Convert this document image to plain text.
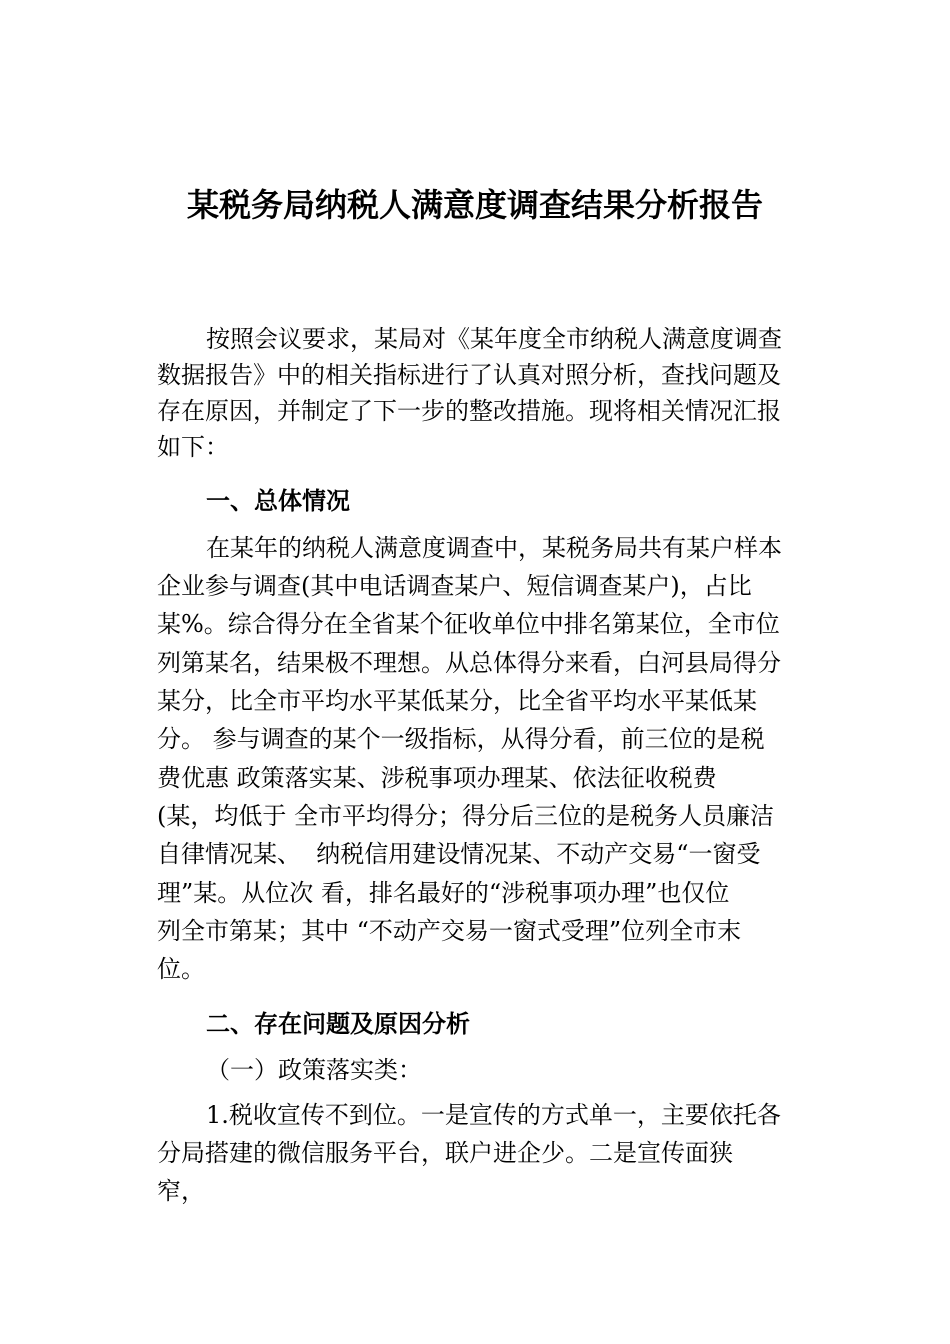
某税务局纳税人满意度调查结果分析报告
按照会议要求，某局对《某年度全市纳税人满意度调查
数据报告》中的相关指标进行了认真对照分析，查找问题及
存在原因，并制定了下一步的整改措施。现将相关情况汇报
如下：
一、总体情况
在某年的纳税人满意度调查中，某税务局共有某户样本
企业参与调查(其中电话调查某户、短信调查某户)，占比
某%。综合得分在全省某个征收单位中排名第某位，全市位
列第某名，结果极不理想。从总体得分来看，白河县局得分
某分，比全市平均水平某低某分，比全省平均水平某低某
分。 参与调查的某个一级指标，从得分看，前三位的是税
费优惠 政策落实某、涉税事项办理某、依法征收税费
(某，均低于 全市平均得分；得分后三位的是税务人员廉洁
自律情况某、  纳税信用建设情况某、不动产交易“一窗受
理”某。从位次 看，排名最好的“涉税事项办理”也仅位
列全市第某；其中 “不动产交易一窗式受理”位列全市末
位。
二、存在问题及原因分析
（一）政策落实类：
1.税收宣传不到位。一是宣传的方式单一，主要依托各
分局搭建的微信服务平台，联户进企少。二是宣传面狭
窄，
